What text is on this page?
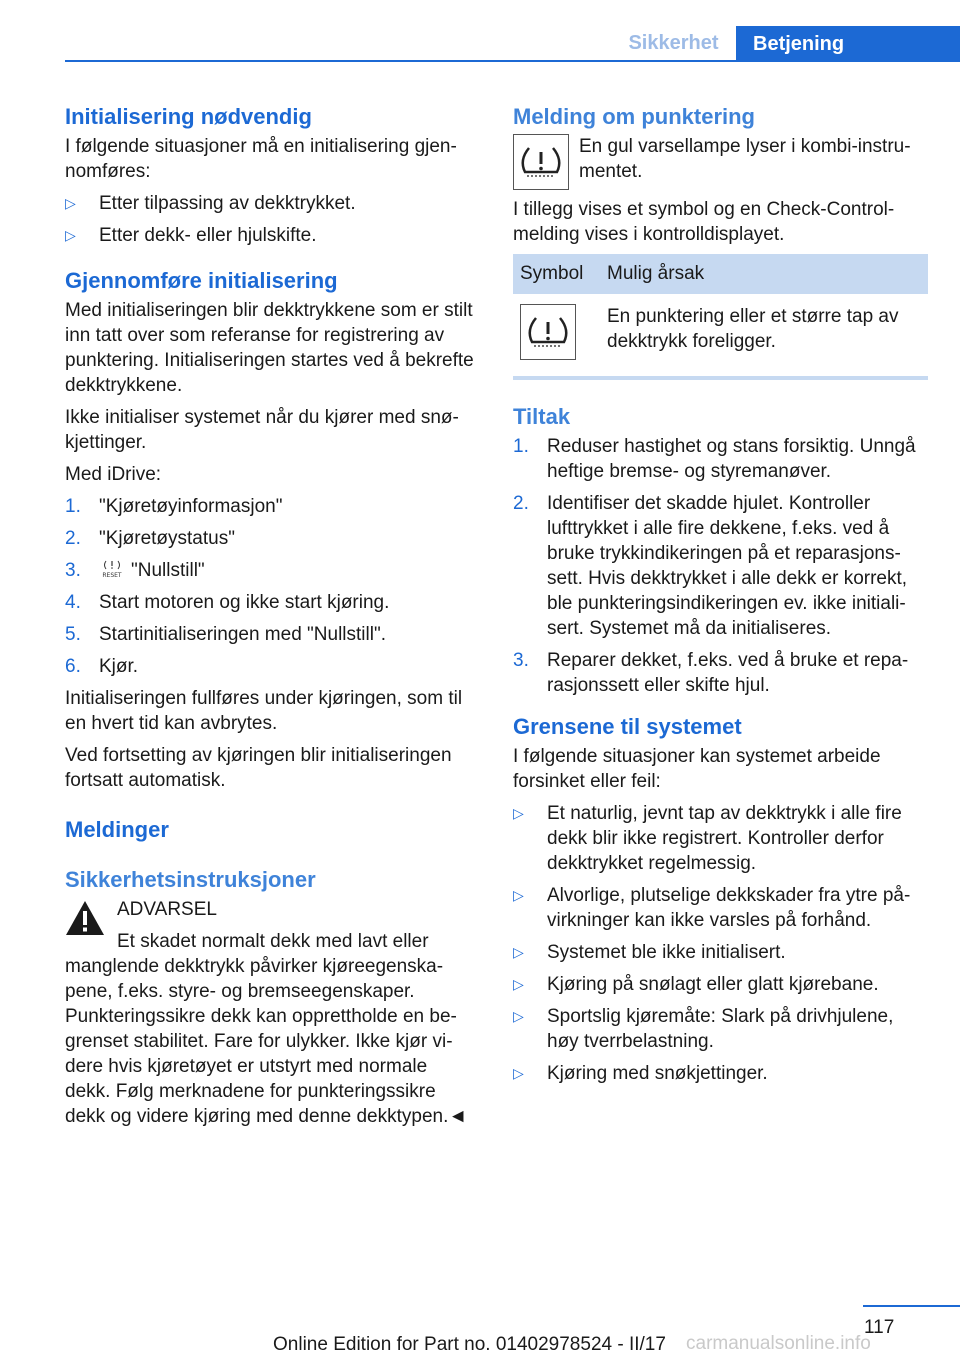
Sikkerhet	Betjening
Initialisering nødvendig

I følgende situasjoner må en initialisering gjennomføres:

▷ Etter tilpassing av dekktrykket.
▷ Etter dekk- eller hjulskifte.
Gjennomføre initialisering

Med initialiseringen blir dekktrykkene som er stilt inn tatt over som referanse for registrering av punktering. Initialiseringen startes ved å bekrefte dekktrykkene.

Ikke initialiser systemet når du kjører med snøkjettinger.

Med iDrive:

1. "Kjøretøyinformasjon"
2. "Kjøretøystatus"
3.	RESET "Nullstill"
4. Start motoren og ikke start kjøring.
5. Startinitialiseringen med "Nullstill".
6. Kjør.

Initialiseringen fullføres under kjøringen, som til en hvert tid kan avbrytes.

Ved fortsetting av kjøringen blir initialiseringen fortsatt automatisk.

Meldinger
Sikkerhetsinstruksjoner
ADVARSEL

Et skadet normalt dekk med lavt eller manglende dekktrykk påvirker kjøreegenskapene, f.eks. styre- og bremseegenskaper. Punkteringssikre dekk kan opprettholde en begrenset stabilitet. Fare for ulykker. Ikke kjør videre hvis kjøretøyet er utstyrt med normale dekk. Følg merknadene for punkteringssikre dekk og videre kjøring med denne dekktypen.◄

Melding om punktering

En gul varsellampe lyser i kombi-instrumentet.

I tillegg vises et symbol og en Check-Control-melding vises i kontrolldisplayet.

Symbol	Mulig årsak

	En punktering eller et større tap av dekktrykk foreligger.
Tiltak
1. Reduser hastighet og stans forsiktig. Unngå heftige bremse- og styremanøver.
2. Identifiser det skadde hjulet. Kontroller lufttrykket i alle fire dekkene, f.eks. ved å bruke trykkindikeringen på et reparasjonssett. Hvis dekktrykket i alle dekk er korrekt, ble punkteringsindikeringen ev. ikke initialisert. Systemet må da initialiseres.
3. Reparer dekket, f.eks. ved å bruke et reparasjonssett eller skifte hjul.
Grensene til systemet

I følgende situasjoner kan systemet arbeide forsinket eller feil:

▷ Et naturlig, jevnt tap av dekktrykk i alle fire dekk blir ikke registrert. Kontroller derfor dekktrykket regelmessig.
▷ Alvorlige, plutselige dekkskader fra ytre påvirkninger kan ikke varsles på forhånd.
▷ Systemet ble ikke initialisert.
▷ Kjøring på snølagt eller glatt kjørebane.
▷ Sportslig kjøremåte: Slark på drivhjulene, høy tverrbelastning.
▷ Kjøring med snøkjettinger.
117
Online Edition for Part no. 01402978524 - II/17 carmanualsonline.info
